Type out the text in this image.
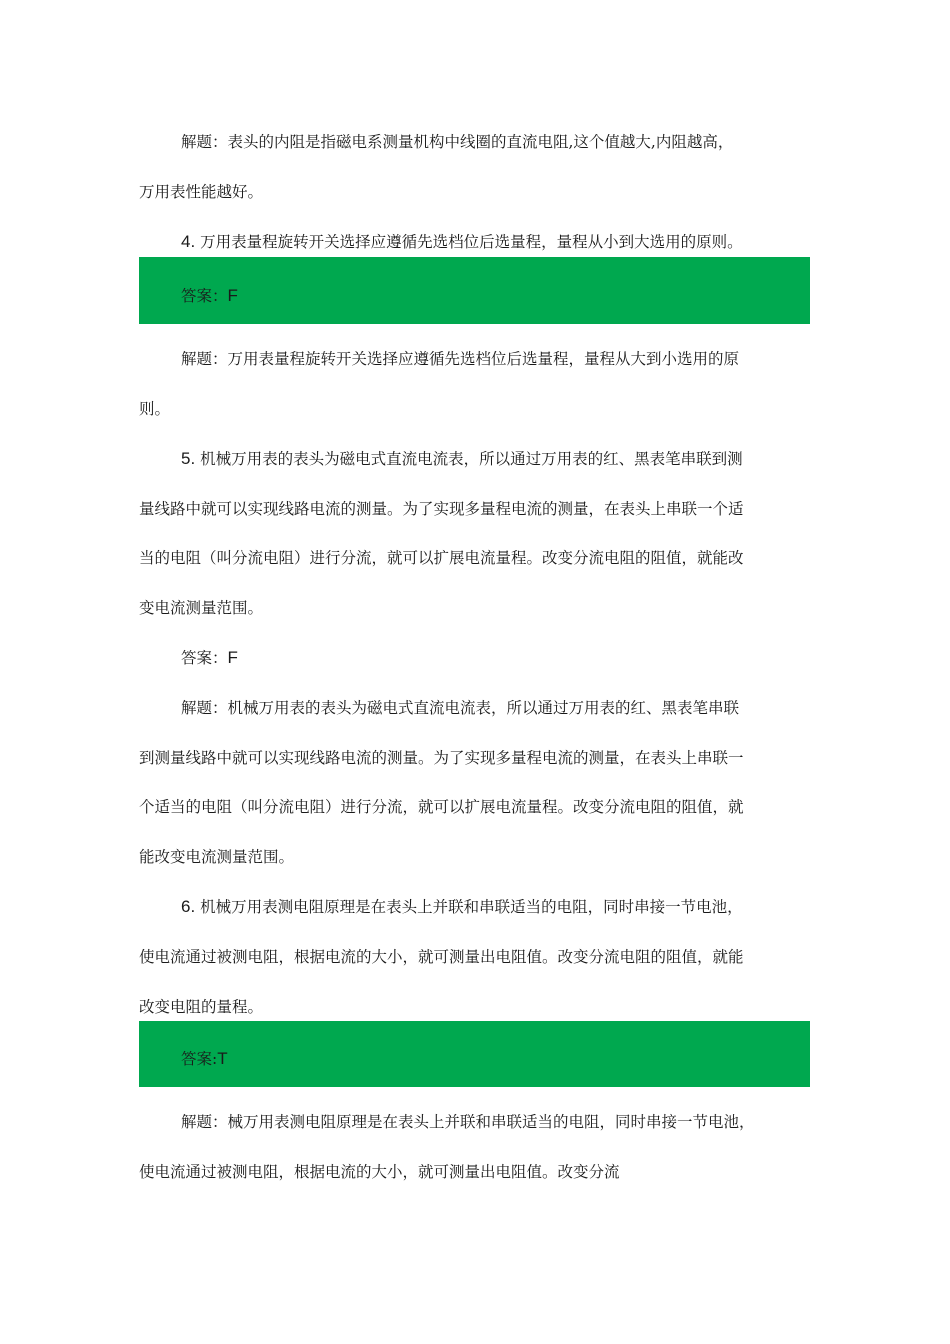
解题：表头的内阻是指磁电系测量机构中线圈的直流电阻,这个值越大,内阻越高，
万用表性能越好。
4. 万用表量程旋转开关选择应遵循先选档位后选量程，量程从小到大选用的原则。
答案：F
解题：万用表量程旋转开关选择应遵循先选档位后选量程，量程从大到小选用的原
则。
5. 机械万用表的表头为磁电式直流电流表，所以通过万用表的红、黑表笔串联到测
量线路中就可以实现线路电流的测量。为了实现多量程电流的测量，在表头上串联一个适
当的电阻（叫分流电阻）进行分流，就可以扩展电流量程。改变分流电阻的阻值，就能改
变电流测量范围。
答案：F
解题：机械万用表的表头为磁电式直流电流表，所以通过万用表的红、黑表笔串联
到测量线路中就可以实现线路电流的测量。为了实现多量程电流的测量，在表头上串联一
个适当的电阻（叫分流电阻）进行分流，就可以扩展电流量程。改变分流电阻的阻值，就
能改变电流测量范围。
6. 机械万用表测电阻原理是在表头上并联和串联适当的电阻，同时串接一节电池，
使电流通过被测电阻，根据电流的大小，就可测量出电阻值。改变分流电阻的阻值，就能
改变电阻的量程。
答案:T
解题：械万用表测电阻原理是在表头上并联和串联适当的电阻，同时串接一节电池，
使电流通过被测电阻，根据电流的大小，就可测量出电阻值。改变分流
